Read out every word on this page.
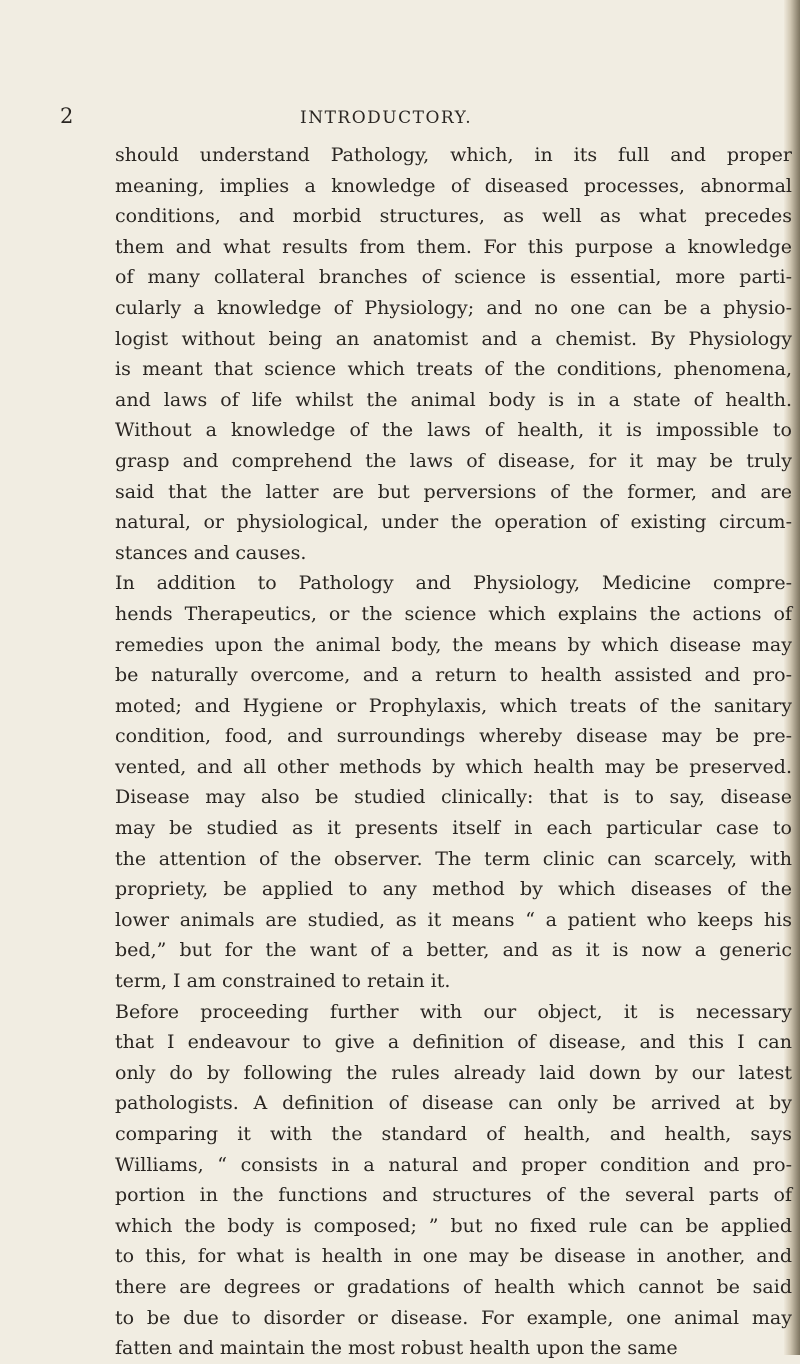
2	INTRODUCTORY.
should understand Pathology, which, in its full and proper
meaning, implies a knowledge of diseased processes, abnormal
conditions, and morbid structures, as well as what precedes
them and what results from them. For this purpose a knowledge
of many collateral branches of science is essential, more parti-
cularly a knowledge of Physiology; and no one can be a physio-
logist without being an anatomist and a chemist. By Physiology
is meant that science which treats of the conditions, phenomena,
and laws of life whilst the animal body is in a state of health.
Without a knowledge of the laws of health, it is impossible to
grasp and comprehend the laws of disease, for it may be truly
said that the latter are but perversions of the former, and are
natural, or physiological, under the operation of existing circum-
stances and causes.
In addition to Pathology and Physiology, Medicine compre-
hends Therapeutics, or the science which explains the actions of
remedies upon the animal body, the means by which disease may
be naturally overcome, and a return to health assisted and pro-
moted; and Hygiene or Prophylaxis, which treats of the sanitary
condition, food, and surroundings whereby disease may be pre-
vented, and all other methods by which health may be preserved.
Disease may also be studied clinically: that is to say, disease
may be studied as it presents itself in each particular case to
the attention of the observer. The term clinic can scarcely, with
propriety, be applied to any method by which diseases of the
lower animals are studied, as it means “ a patient who keeps his
bed,” but for the want of a better, and as it is now a generic
term, I am constrained to retain it.
Before proceeding further with our object, it is necessary
that I endeavour to give a definition of disease, and this I can
only do by following the rules already laid down by our latest
pathologists. A definition of disease can only be arrived at by
comparing it with the standard of health, and health, says
Williams, “ consists in a natural and proper condition and pro-
portion in the functions and structures of the several parts of
which the body is composed; ” but no fixed rule can be applied
to this, for what is health in one may be disease in another, and
there are degrees or gradations of health which cannot be said
to be due to disorder or disease. For example, one animal may
fatten and maintain the most robust health upon the same
